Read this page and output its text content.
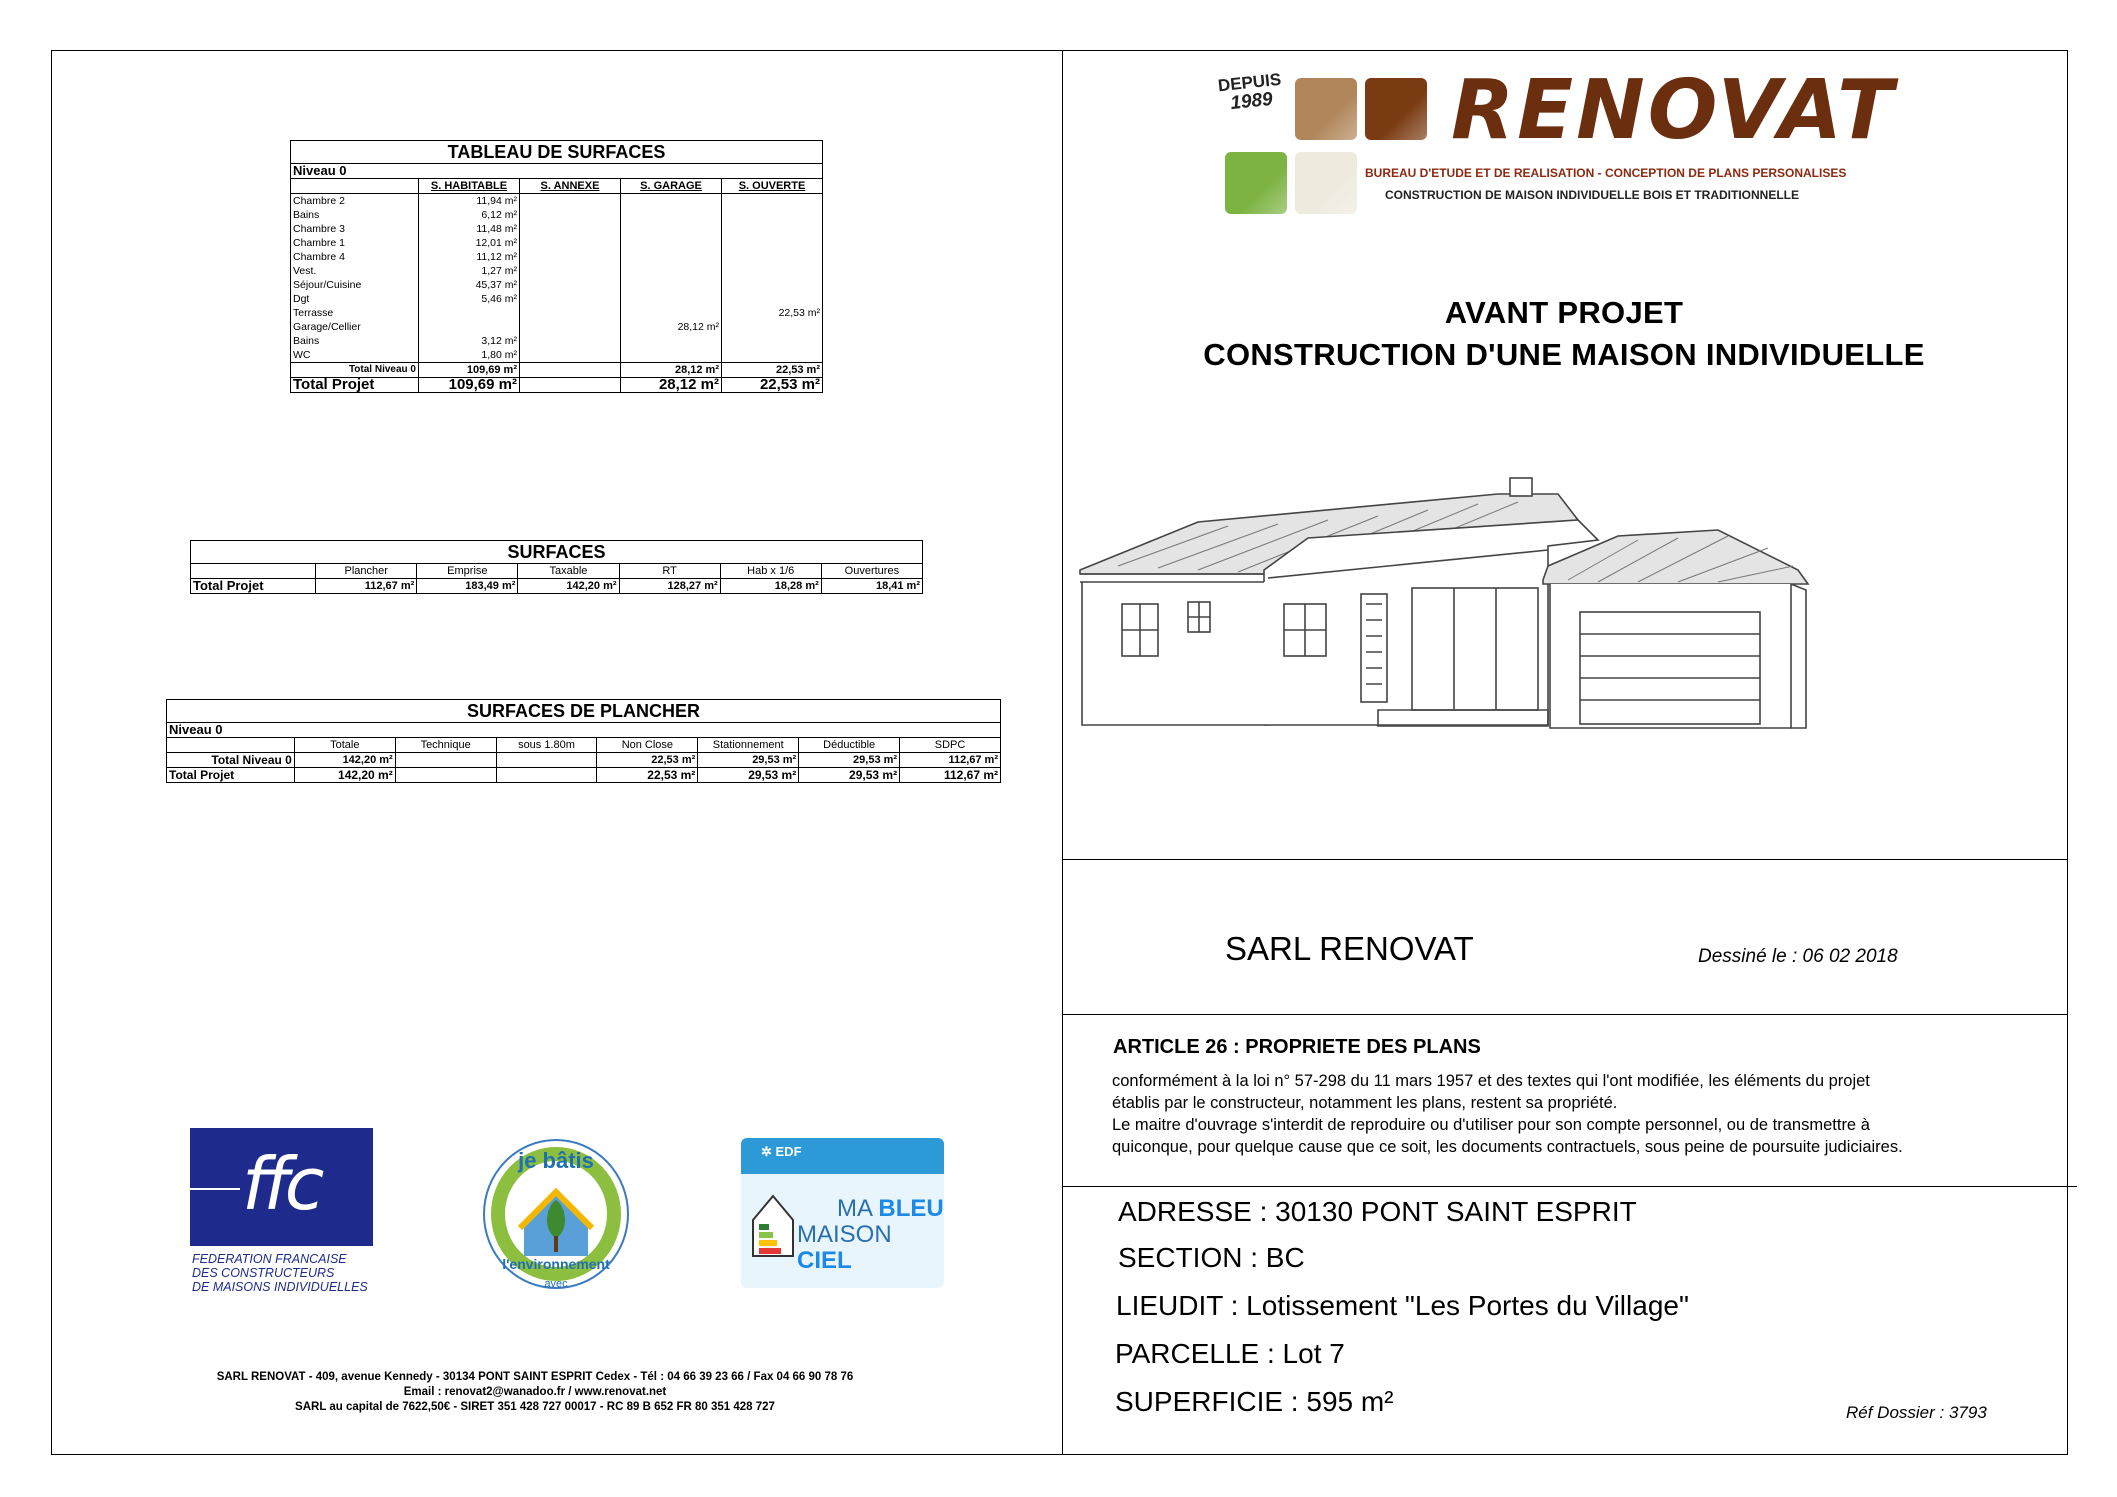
TABLEAU DE SURFACES				
Niveau 0				
	S. HABITABLE	S. ANNEXE	S. GARAGE	S. OUVERTE
Chambre 2	11,94 m²			
Bains	6,12 m²			
Chambre 3	11,48 m²			
Chambre 1	12,01 m²			
Chambre 4	11,12 m²			
Vest.	1,27 m²			
Séjour/Cuisine	45,37 m²			
Dgt	5,46 m²			
Terrasse				22,53 m²
Garage/Cellier			28,12 m²	
Bains	3,12 m²			
WC	1,80 m²			
Total Niveau 0	109,69 m²		28,12 m²	22,53 m²
Total Projet	109,69 m²		28,12 m²	22,53 m²
SURFACES						
	Plancher	Emprise	Taxable	RT	Hab x 1/6	Ouvertures
Total Projet	112,67 m²	183,49 m²	142,20 m²	128,27 m²	18,28 m²	18,41 m²
SURFACES DE PLANCHER							
Niveau 0							
	Totale	Technique	sous 1.80m	Non Close	Stationnement	Déductible	SDPC
Total Niveau 0	142,20 m²			22,53 m²	29,53 m²	29,53 m²	112,67 m²
Total Projet	142,20 m²			22,53 m²	29,53 m²	29,53 m²	112,67 m²
ffc
FEDERATION FRANCAISE
DES CONSTRUCTEURS
DE MAISONS INDIVIDUELLES
je bâtis
avec
l'environnement
✲ EDF
MA BLEU
MAISON CIEL
SARL RENOVAT - 409, avenue Kennedy - 30134 PONT SAINT ESPRIT Cedex - Tél : 04 66 39 23 66 / Fax 04 66 90 78 76
Email : renovat2@wanadoo.fr / www.renovat.net
SARL au capital de 7622,50€ - SIRET 351 428 727 00017 - RC 89 B 652 FR 80 351 428 727
DEPUIS
1989 RENOVAT
BUREAU D'ETUDE ET DE REALISATION - CONCEPTION DE PLANS PERSONALISES
CONSTRUCTION DE MAISON INDIVIDUELLE BOIS ET TRADITIONNELLE
AVANT PROJET
CONSTRUCTION D'UNE MAISON INDIVIDUELLE
SARL RENOVAT	Dessiné le : 06 02 2018
ARTICLE 26 : PROPRIETE DES PLANS
conformément à la loi n° 57-298 du 11 mars 1957 et des textes qui l'ont modifiée, les éléments du projet
établis par le constructeur, notamment les plans, restent sa propriété.
Le maitre d'ouvrage s'interdit de reproduire ou d'utiliser pour son compte personnel, ou de transmettre à
quiconque, pour quelque cause que ce soit, les documents contractuels, sous peine de poursuite judiciaires.
ADRESSE : 30130 PONT SAINT ESPRIT
SECTION : BC
LIEUDIT : Lotissement "Les Portes du Village"
PARCELLE : Lot 7
SUPERFICIE : 595 m²	Réf Dossier : 3793
